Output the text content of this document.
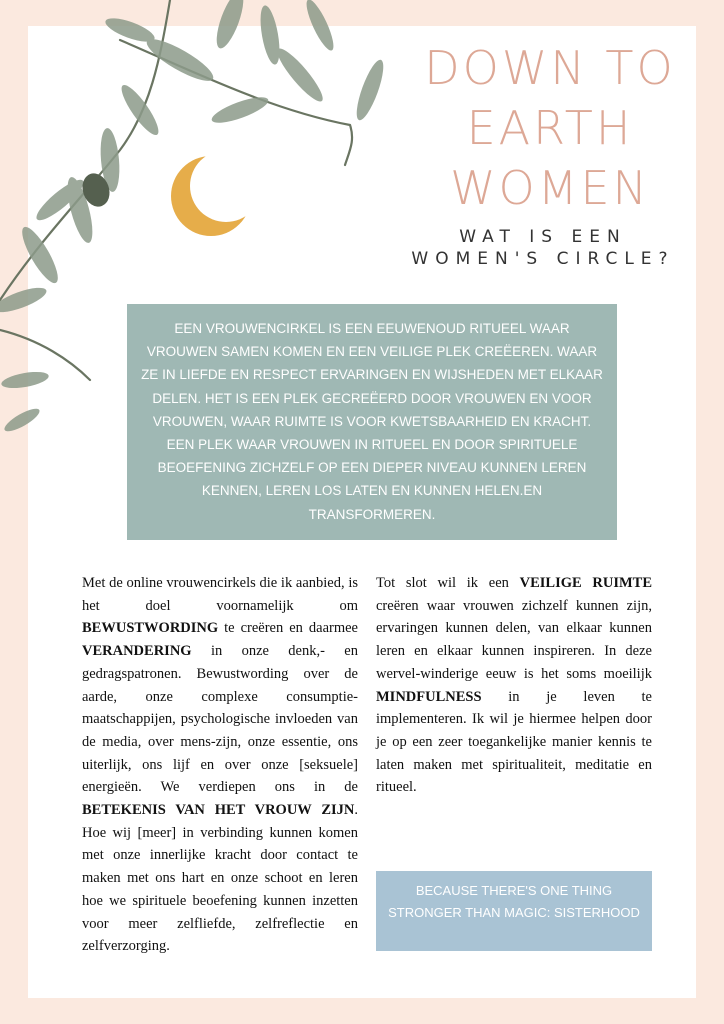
DOWN TO
EARTH
WOMEN
WAT IS EEN
WOMEN'S CIRCLE?
EEN VROUWENCIRKEL IS EEN EEUWENOUD RITUEEL WAAR VROUWEN SAMEN KOMEN EN EEN VEILIGE PLEK CREËEREN. WAAR ZE IN LIEFDE EN RESPECT ERVARINGEN EN WIJSHEDEN MET ELKAAR DELEN. HET IS EEN PLEK GECREËERD DOOR VROUWEN EN VOOR VROUWEN, WAAR RUIMTE IS VOOR KWETSBAARHEID EN KRACHT. EEN PLEK WAAR VROUWEN IN RITUEEL EN DOOR SPIRITUELE BEOEFENING ZICHZELF OP EEN DIEPER NIVEAU KUNNEN LEREN KENNEN, LEREN LOS LATEN EN KUNNEN HELEN.EN TRANSFORMEREN.
Met de online vrouwencirkels die ik aanbied, is het doel voornamelijk om BEWUSTWORDING te creëren en daarmee VERANDERING in onze denk,- en gedragspatronen. Bewustwording over de aarde, onze complexe consumptie-maatschappijen, psychologische invloeden van de media, over mens-zijn, onze essentie, ons uiterlijk, ons lijf en over onze [seksuele] energieën. We verdiepen ons in de BETEKENIS VAN HET VROUW ZIJN. Hoe wij [meer] in verbinding kunnen komen met onze innerlijke kracht door contact te maken met ons hart en onze schoot en leren hoe we spirituele beoefening kunnen inzetten voor meer zelfliefde, zelfreflectie en zelfverzorging.
Tot slot wil ik een VEILIGE RUIMTE creëren waar vrouwen zichzelf kunnen zijn, ervaringen kunnen delen, van elkaar kunnen leren en elkaar kunnen inspireren. In deze wervel-winderige eeuw is het soms moeilijk MINDFULNESS in je leven te implementeren. Ik wil je hiermee helpen door je op een zeer toegankelijke manier kennis te laten maken met spiritualiteit, meditatie en ritueel.
BECAUSE THERE'S ONE THING STRONGER THAN MAGIC: SISTERHOOD
